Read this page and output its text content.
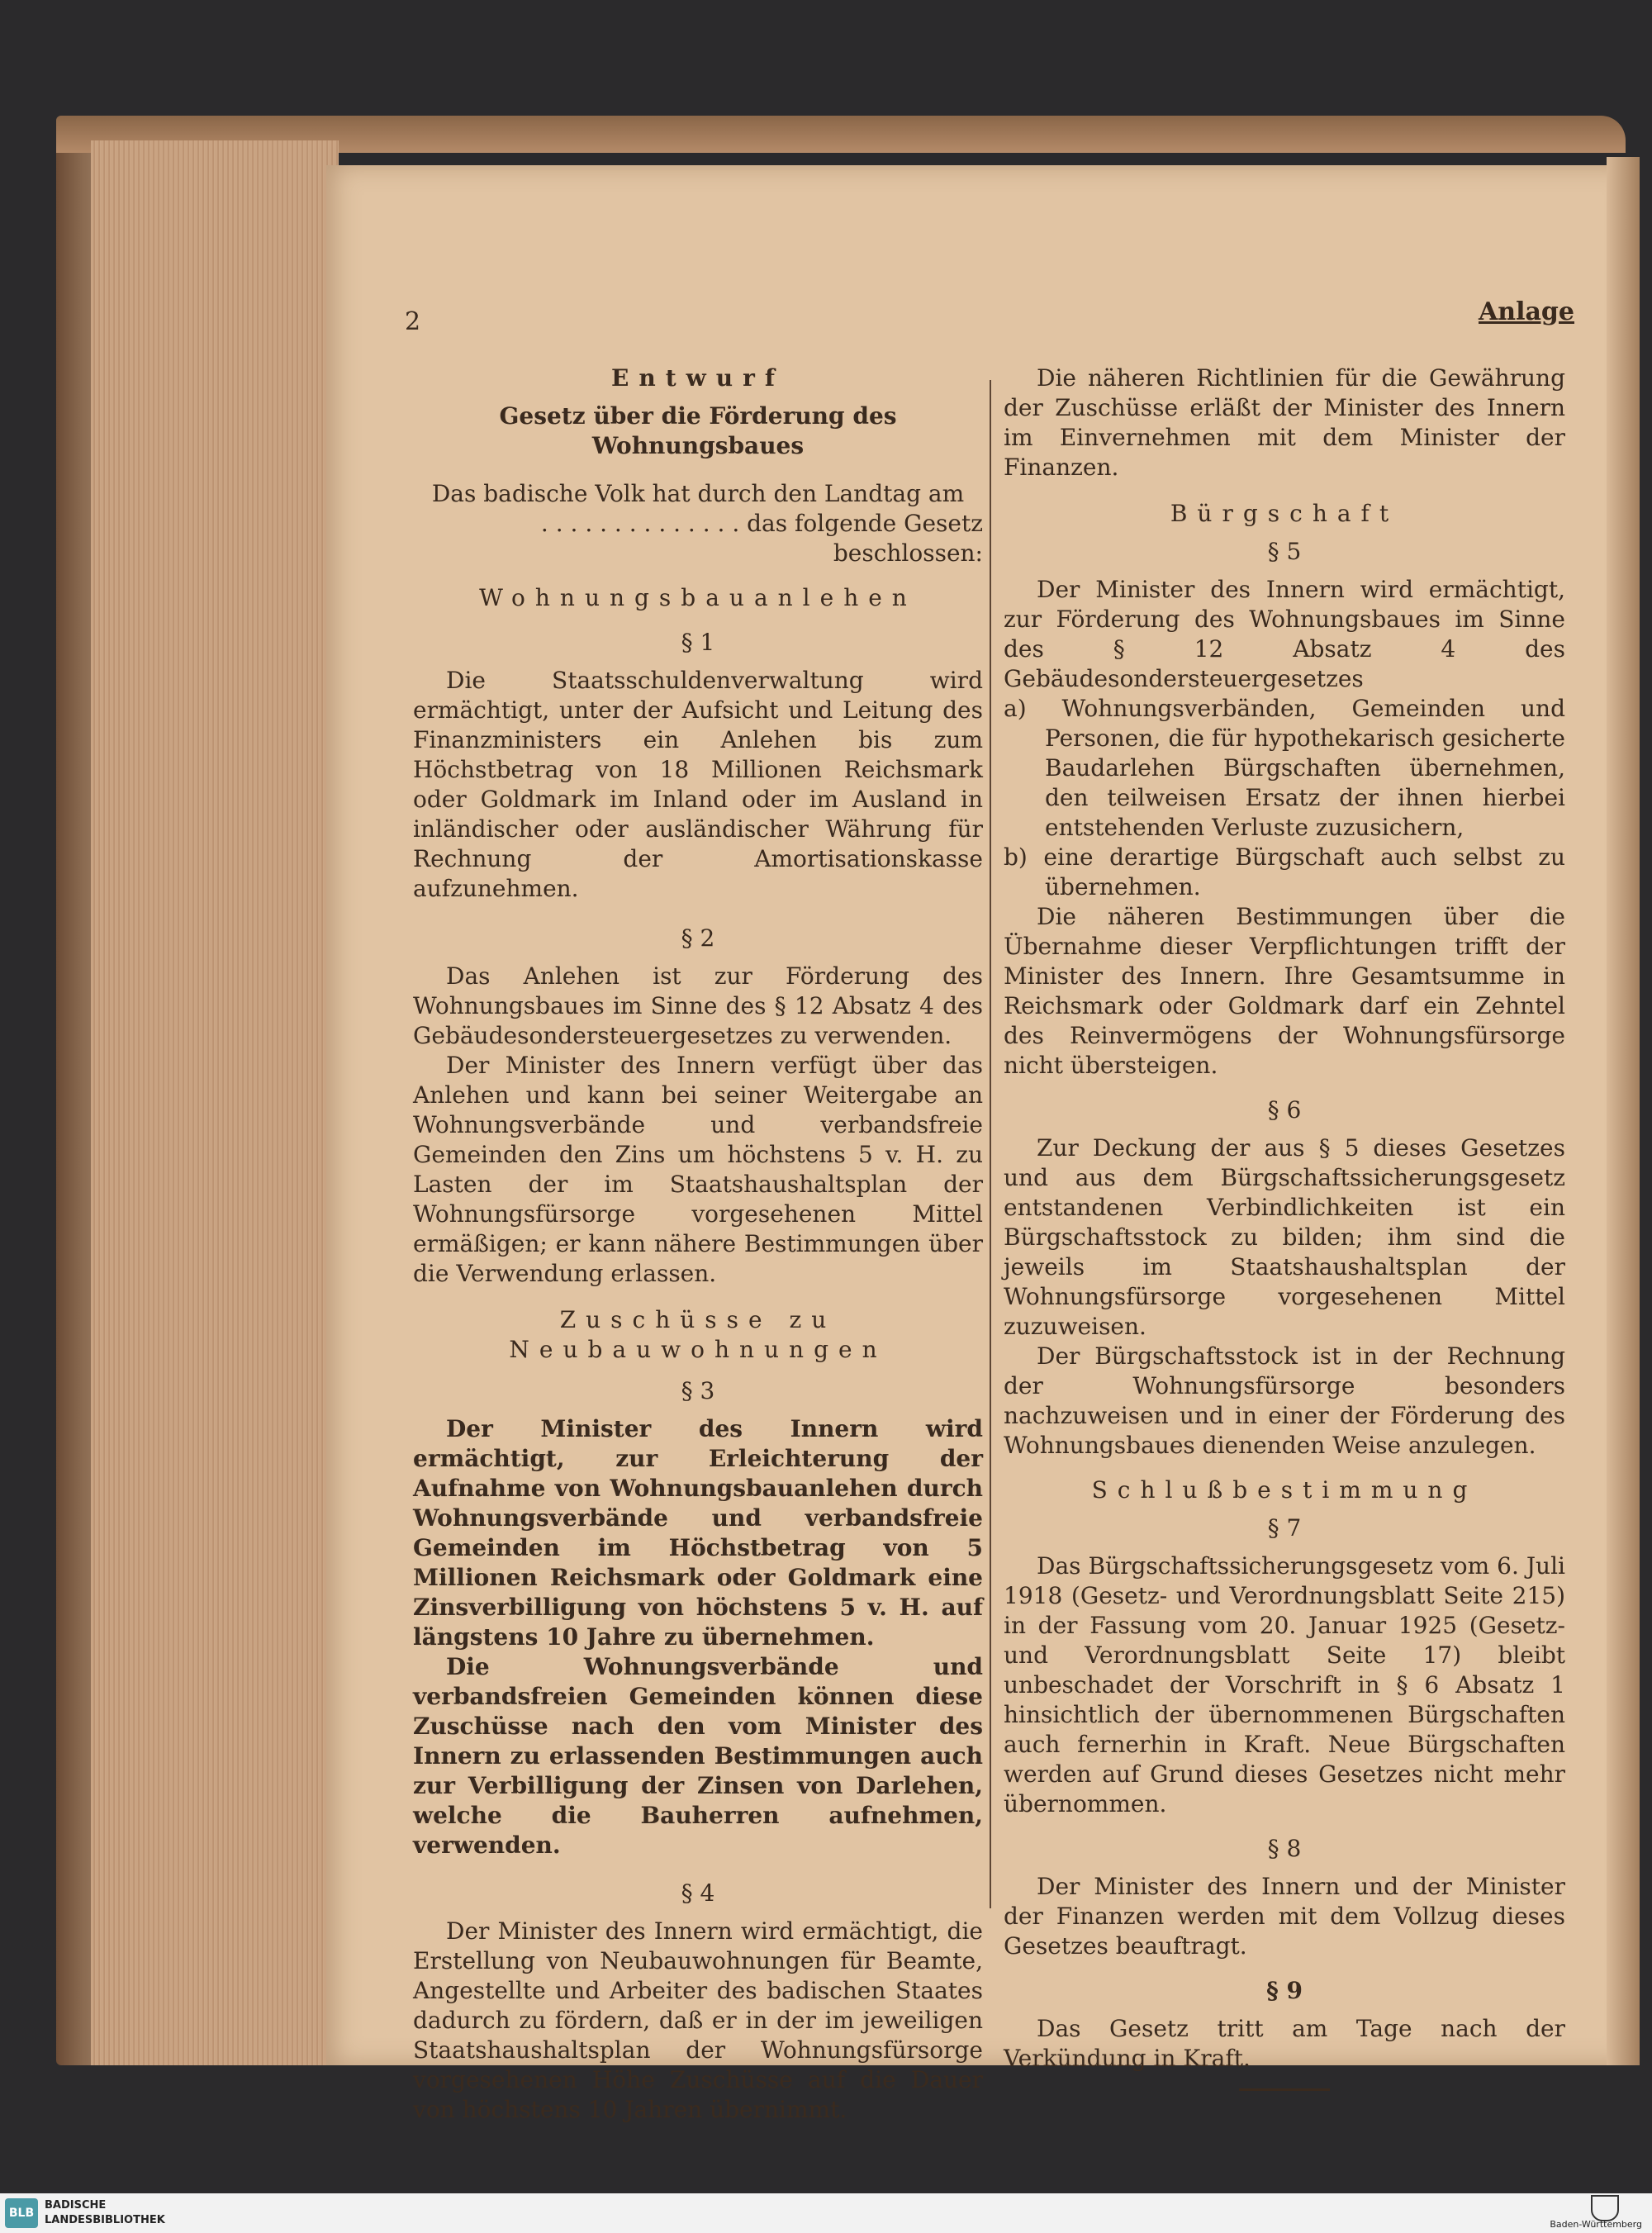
2	Anlage
Entwurf
Gesetz über die Förderung des Wohnungsbaues
Das badische Volk hat durch den Landtag am
. . . . . . . . . . . . . . das folgende Gesetz beschlossen:
Wohnungsbauanlehen
§ 1
Die Staatsschuldenverwaltung wird ermächtigt, unter der Aufsicht und Leitung des Finanzministers ein Anlehen bis zum Höchstbetrag von 18 Millionen Reichsmark oder Goldmark im Inland oder im Ausland in inländischer oder ausländischer Währung für Rechnung der Amortisationskasse aufzunehmen.
§ 2
Das Anlehen ist zur Förderung des Wohnungsbaues im Sinne des § 12 Absatz 4 des Gebäudesondersteuergesetzes zu verwenden.
Der Minister des Innern verfügt über das Anlehen und kann bei seiner Weitergabe an Wohnungsverbände und verbandsfreie Gemeinden den Zins um höchstens 5 v. H. zu Lasten der im Staatshaushaltsplan der Wohnungsfürsorge vorgesehenen Mittel ermäßigen; er kann nähere Bestimmungen über die Verwendung erlassen.
Zuschüsse zu Neubauwohnungen
§ 3
Der Minister des Innern wird ermächtigt, zur Erleichterung der Aufnahme von Wohnungsbauanlehen durch Wohnungsverbände und verbandsfreie Gemeinden im Höchstbetrag von 5 Millionen Reichsmark oder Goldmark eine Zinsverbilligung von höchstens 5 v. H. auf längstens 10 Jahre zu übernehmen.
Die Wohnungsverbände und verbandsfreien Gemeinden können diese Zuschüsse nach den vom Minister des Innern zu erlassenden Bestimmungen auch zur Verbilligung der Zinsen von Darlehen, welche die Bauherren aufnehmen, verwenden.
§ 4
Der Minister des Innern wird ermächtigt, die Erstellung von Neubauwohnungen für Beamte, Angestellte und Arbeiter des badischen Staates dadurch zu fördern, daß er in der im jeweiligen Staatshaushaltsplan der Wohnungsfürsorge vorgesehenen Höhe Zuschüsse auf die Dauer von höchstens 10 Jahren übernimmt.
Die näheren Richtlinien für die Gewährung der Zuschüsse erläßt der Minister des Innern im Einvernehmen mit dem Minister der Finanzen.
Bürgschaft
§ 5
Der Minister des Innern wird ermächtigt, zur Förderung des Wohnungsbaues im Sinne des § 12 Absatz 4 des Gebäudesondersteuergesetzes
a) Wohnungsverbänden, Gemeinden und Personen, die für hypothekarisch gesicherte Baudarlehen Bürgschaften übernehmen, den teilweisen Ersatz der ihnen hierbei entstehenden Verluste zuzusichern,
b) eine derartige Bürgschaft auch selbst zu übernehmen.
Die näheren Bestimmungen über die Übernahme dieser Verpflichtungen trifft der Minister des Innern. Ihre Gesamtsumme in Reichsmark oder Goldmark darf ein Zehntel des Reinvermögens der Wohnungsfürsorge nicht übersteigen.
§ 6
Zur Deckung der aus § 5 dieses Gesetzes und aus dem Bürgschaftssicherungsgesetz entstandenen Verbindlichkeiten ist ein Bürgschaftsstock zu bilden; ihm sind die jeweils im Staatshaushaltsplan der Wohnungsfürsorge vorgesehenen Mittel zuzuweisen.
Der Bürgschaftsstock ist in der Rechnung der Wohnungsfürsorge besonders nachzuweisen und in einer der Förderung des Wohnungsbaues dienenden Weise anzulegen.
Schlußbestimmung
§ 7
Das Bürgschaftssicherungsgesetz vom 6. Juli 1918 (Gesetz- und Verordnungsblatt Seite 215) in der Fassung vom 20. Januar 1925 (Gesetz- und Verordnungsblatt Seite 17) bleibt unbeschadet der Vorschrift in § 6 Absatz 1 hinsichtlich der übernommenen Bürgschaften auch fernerhin in Kraft. Neue Bürgschaften werden auf Grund dieses Gesetzes nicht mehr übernommen.
§ 8
Der Minister des Innern und der Minister der Finanzen werden mit dem Vollzug dieses Gesetzes beauftragt.
§ 9
Das Gesetz tritt am Tage nach der Verkündung in Kraft.
BLB
BADISCHE
LANDESBIBLIOTHEK	Baden-Württemberg
